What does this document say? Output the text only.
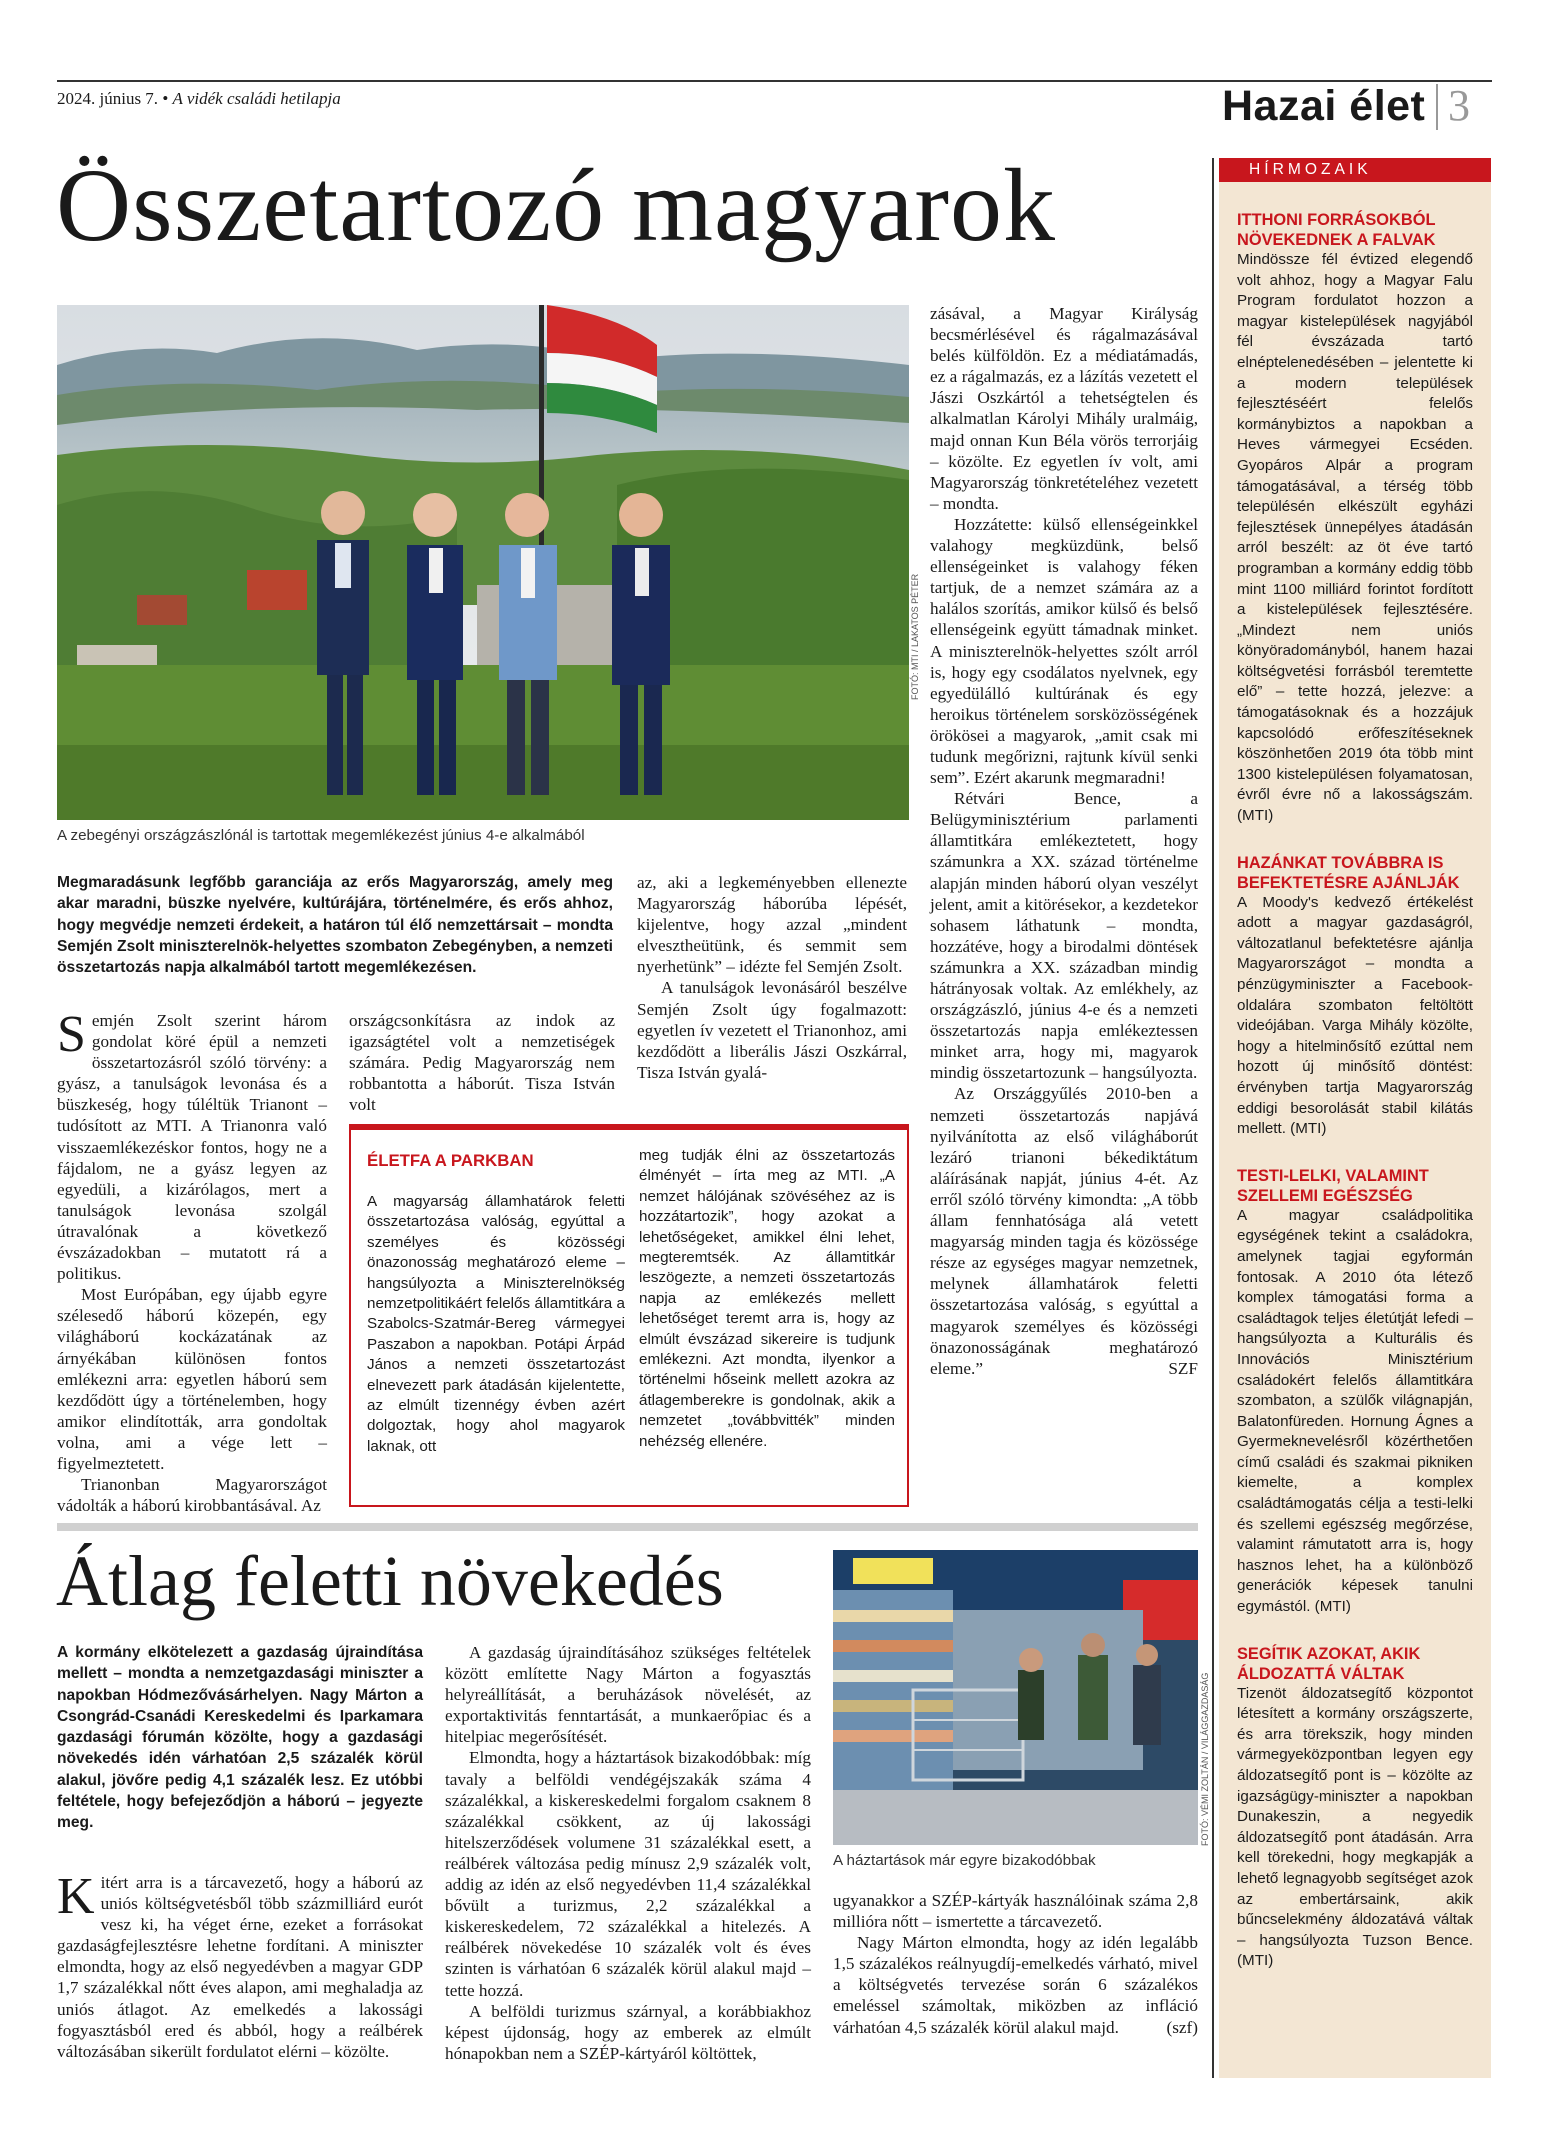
2024. június 7. • A vidék családi hetilapja	Hazai élet 3
Összetartozó magyarok
FOTÓ: MTI / LAKATOS PÉTER
A zebegényi országzászlónál is tartottak megemlékezést június 4-e alkalmából
Megmaradásunk legfőbb garanciája az erős Magyarország, amely meg akar maradni, büszke nyelvére, kultúrájára, történelmére, és erős ahhoz, hogy megvédje nemzeti érdekeit, a határon túl élő nemzettársait – mondta Semjén Zsolt miniszterelnök-helyettes szombaton Zebegényben, a nemzeti összetartozás napja alkalmából tartott megemlékezésen.

Semjén Zsolt szerint három gondolat köré épül a nemzeti összetartozásról szóló törvény: a gyász, a tanulságok levonása és a büszkeség, hogy túléltük Trianont – tudósított az MTI. A Trianonra való visszaemlékezéskor fontos, hogy ne a fájdalom, ne a gyász legyen az egyedüli, a kizárólagos, mert a tanulságok levonása szolgál útravalónak a következő évszázadokban – mutatott rá a politikus.

Most Európában, egy újabb egyre szélesedő háború közepén, egy világháború kockázatának az árnyékában különösen fontos emlékezni arra: egyetlen háború sem kezdődött úgy a történelemben, hogy amikor elindították, arra gondoltak volna, ami a vége lett – figyelmeztetett.

Trianonban Magyarországot vádolták a háború kirobbantásával. Az

országcsonkításra az indok az igazságtétel volt a nemzetiségek számára. Pedig Magyarország nem robbantotta a háborút. Tisza István volt

az, aki a legkeményebben ellenezte Magyarország háborúba lépését, kijelentve, hogy azzal „mindent elvesztheütünk, és semmit sem nyerhetünk” – idézte fel Semjén Zsolt.

A tanulságok levonásáról beszélve Semjén Zsolt úgy fogalmazott: egyetlen ív vezetett el Trianonhoz, ami kezdődött a liberális Jászi Oszkárral, Tisza István gyalá-

zásával, a Magyar Királyság becsmérlésével és rágalmazásával belés külföldön. Ez a médiatámadás, ez a rágalmazás, ez a lázítás vezetett el Jászi Oszkártól a tehetségtelen és alkalmatlan Károlyi Mihály uralmáig, majd onnan Kun Béla vörös terrorjáig – közölte. Ez egyetlen ív volt, ami Magyarország tönkretételéhez vezetett – mondta.

Hozzátette: külső ellenségeinkkel valahogy megküzdünk, belső ellenségeinket is valahogy féken tartjuk, de a nemzet számára az a halálos szorítás, amikor külső és belső ellenségeink együtt támadnak minket. A miniszterelnök-helyettes szólt arról is, hogy egy csodálatos nyelvnek, egy egyedülálló kultúrának és egy heroikus történelem sorsközösségének örökösei a magyarok, „amit csak mi tudunk megőrizni, rajtunk kívül senki sem”. Ezért akarunk megmaradni!

Rétvári Bence, a Belügyminisztérium parlamenti államtitkára emlékeztetett, hogy számunkra a XX. század történelme alapján minden háború olyan veszélyt jelent, amit a kitörésekor, a kezdetekor sohasem láthatunk – mondta, hozzátéve, hogy a birodalmi döntések számunkra a XX. században mindig hátrányosak voltak. Az emlékhely, az országzászló, június 4-e és a nemzeti összetartozás napja emlékeztessen minket arra, hogy mi, magyarok mindig összetartozunk – hangsúlyozta.

Az Országgyűlés 2010-ben a nemzeti összetartozás napjává nyilvánította az első világháborút lezáró trianoni békediktátum aláírásának napját, június 4-ét. Az erről szóló törvény kimondta: „A több állam fennhatósága alá vetett magyarság minden tagja és közössége része az egységes magyar nemzetnek, melynek államhatárok feletti összetartozása valóság, s egyúttal a magyarok személyes és közösségi önazonosságának meghatározó eleme.”	SZF
ÉLETFA A PARKBAN
A magyarság államhatárok feletti összetartozása valóság, egyúttal a személyes és közösségi önazonosság meghatározó eleme – hangsúlyozta a Miniszterelnökség nemzetpolitikáért felelős államtitkára a Szabolcs-Szatmár-Bereg vármegyei Paszabon a napokban. Potápi Árpád János a nemzeti összetartozást elnevezett park átadásán kijelentette, az elmúlt tizennégy évben azért dolgoztak, hogy ahol magyarok laknak, ott
meg tudják élni az összetartozás élményét – írta meg az MTI. „A nemzet hálójának szövéséhez az is hozzátartozik”, hogy azokat a lehetőségeket, amikkel élni lehet, megteremtsék. Az államtitkár leszögezte, a nemzeti összetartozás napja az emlékezés mellett lehetőséget teremt arra is, hogy az elmúlt évszázad sikereire is tudjunk emlékezni. Azt mondta, ilyenkor a történelmi hőseink mellett azokra az átlagemberekre is gondolnak, akik a nemzetet „továbbvitték” minden nehézség ellenére.
Átlag feletti növekedés
A kormány elkötelezett a gazdaság újraindítása mellett – mondta a nemzetgazdasági miniszter a napokban Hódmezővásárhelyen. Nagy Márton a Csongrád-Csanádi Kereskedelmi és Iparkamara gazdasági fórumán közölte, hogy a gazdasági növekedés idén várhatóan 2,5 százalék körül alakul, jövőre pedig 4,1 százalék lesz. Ez utóbbi feltétele, hogy befejeződjön a háború – jegyezte meg.

Kitért arra is a tárcavezető, hogy a háború az uniós költségvetésből több százmilliárd eurót vesz ki, ha véget érne, ezeket a forrásokat gazdaságfejlesztésre lehetne fordítani. A miniszter elmondta, hogy az első negyedévben a magyar GDP 1,7 százalékkal nőtt éves alapon, ami meghaladja az uniós átlagot. Az emelkedés a lakossági fogyasztásból ered és abból, hogy a reálbérek változásában sikerült fordulatot elérni – közölte.

A gazdaság újraindításához szükséges feltételek között említette Nagy Márton a fogyasztás helyreállítását, a beruházások növelését, az exportaktivitás fenntartását, a munkaerőpiac és a hitelpiac megerősítését.

Elmondta, hogy a háztartások bizakodóbbak: míg tavaly a belföldi vendégéjszakák száma 4 százalékkal, a kiskereskedelmi forgalom csaknem 8 százalékkal csökkent, az új lakossági hitelszerződések volumene 31 százalékkal esett, a reálbérek változása pedig mínusz 2,9 százalék volt, addig az idén az első negyedévben 11,4 százalékkal bővült a turizmus, 2,2 százalékkal a kiskereskedelem, 72 százalékkal a hitelezés. A reálbérek növekedése 10 százalék volt és éves szinten is várhatóan 6 százalék körül alakul majd – tette hozzá.

A belföldi turizmus szárnyal, a korábbiakhoz képest újdonság, hogy az emberek az elmúlt hónapokban nem a SZÉP-kártyáról költöttek,

FOTÓ: VÉMI ZOLTÁN / VILÁGGAZDASÁG
A háztartások már egyre bizakodóbbak

ugyanakkor a SZÉP-kártyák használóinak száma 2,8 millióra nőtt – ismertette a tárcavezető.

Nagy Márton elmondta, hogy az idén legalább 1,5 százalékos reálnyugdíj-emelkedés várható, mivel a költségvetés tervezése során 6 százalékos emeléssel számoltak, miközben az infláció várhatóan 4,5 százalék körül alakul majd.	(szf)
HÍRMOZAIK
ITTHONI FORRÁSOKBÓL NÖVEKEDNEK A FALVAK
Mindössze fél évtized elegendő volt ahhoz, hogy a Magyar Falu Program fordulatot hozzon a magyar kistelepülések nagyjából fél évszázada tartó elnéptelenedésében – jelentette ki a modern települések fejlesztéséért felelős kormánybiztos a napokban a Heves vármegyei Ecséden. Gyopáros Alpár a program támogatásával, a térség több településén elkészült egyházi fejlesztések ünnepélyes átadásán arról beszélt: az öt éve tartó programban a kormány eddig több mint 1100 milliárd forintot fordított a kistelepülések fejlesztésére. „Mindezt nem uniós könyöradományból, hanem hazai költségvetési forrásból teremtette elő” – tette hozzá, jelezve: a támogatásoknak és a hozzájuk kapcsolódó erőfeszítéseknek köszönhetően 2019 óta több mint 1300 kistelepülésen folyamatosan, évről évre nő a lakosságszám. (MTI)
HAZÁNKAT TOVÁBBRA IS BEFEKTETÉSRE AJÁNLJÁK
A Moody's kedvező értékelést adott a magyar gazdaságról, változatlanul befektetésre ajánlja Magyarországot – mondta a pénzügyminiszter a Facebook-oldalára szombaton feltöltött videójában. Varga Mihály közölte, hogy a hitelminősítő ezúttal nem hozott új minősítő döntést: érvényben tartja Magyarország eddigi besorolását stabil kilátás mellett. (MTI)
TESTI-LELKI, VALAMINT SZELLEMI EGÉSZSÉG
A magyar családpolitika egységének tekint a családokra, amelynek tagjai egyformán fontosak. A 2010 óta létező komplex támogatási forma a családtagok teljes életútját lefedi – hangsúlyozta a Kulturális és Innovációs Minisztérium családokért felelős államtitkára szombaton, a szülők világnapján, Balatonfüreden. Hornung Ágnes a Gyermeknevelésről közérthetően című családi és szakmai pikniken kiemelte, a komplex családtámogatás célja a testi-lelki és szellemi egészség megőrzése, valamint rámutatott arra is, hogy hasznos lehet, ha a különböző generációk képesek tanulni egymástól. (MTI)
SEGÍTIK AZOKAT, AKIK ÁLDOZATTÁ VÁLTAK
Tizenöt áldozatsegítő központot létesített a kormány országszerte, és arra törekszik, hogy minden vármegyeközpontban legyen egy áldozatsegítő pont is – közölte az igazságügy-miniszter a napokban Dunakeszin, a negyedik áldozatsegítő pont átadásán. Arra kell törekedni, hogy megkapják a lehető legnagyobb segítséget azok az embertársaink, akik bűncselekmény áldozatává váltak – hangsúlyozta Tuzson Bence. (MTI)
